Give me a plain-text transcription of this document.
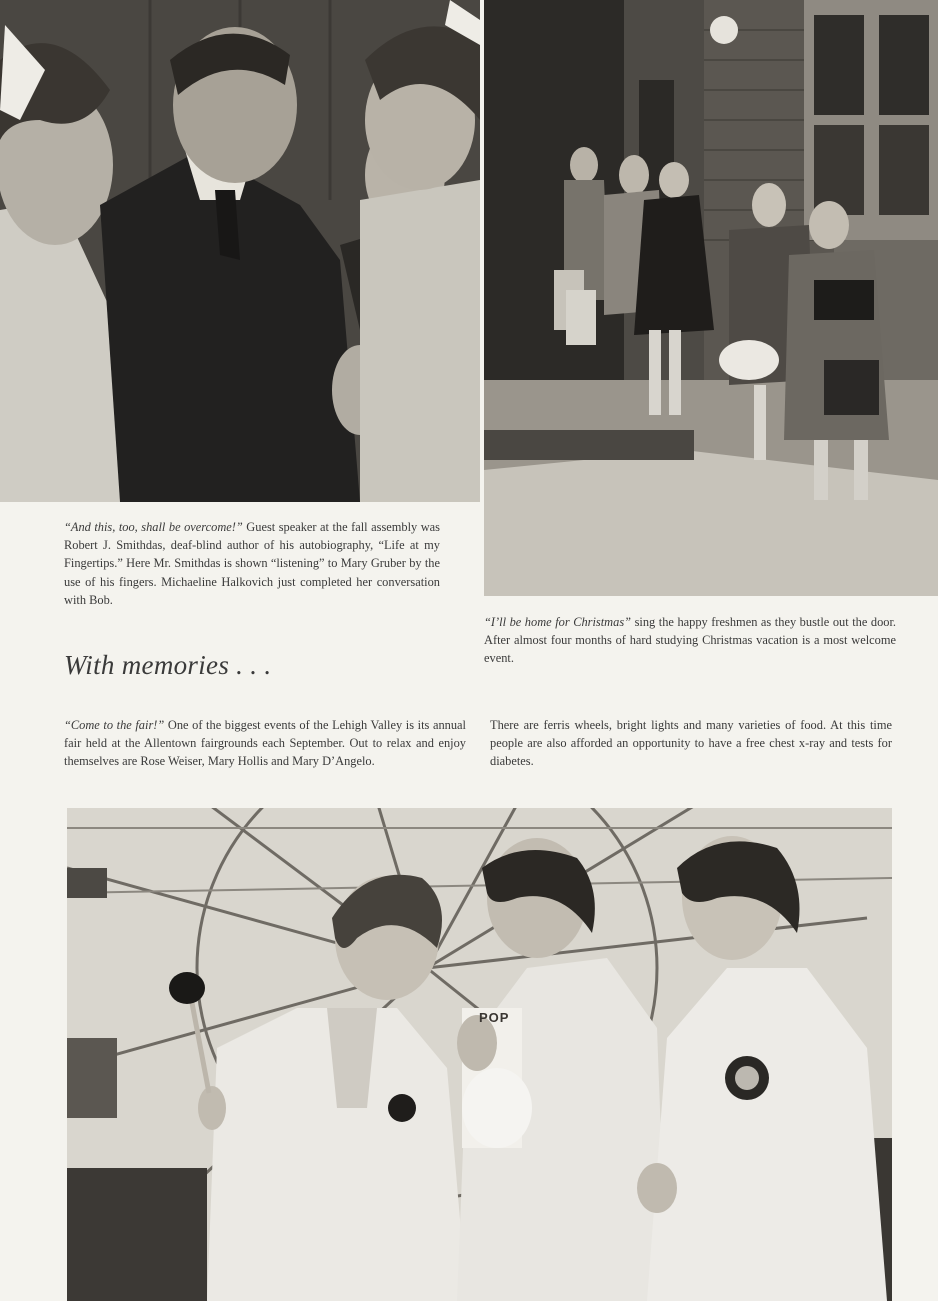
“And this, too, shall be overcome!” Guest speaker at the fall assembly was Robert J. Smithdas, deaf-blind author of his autobiography, “Life at my Fingertips.” Here Mr. Smithdas is shown “listening” to Mary Gruber by the use of his fingers. Michaeline Halkovich just completed her conversation with Bob.
“I’ll be home for Christmas” sing the happy freshmen as they bustle out the door. After almost four months of hard studying Christmas vacation is a most welcome event.
With memories . . .
“Come to the fair!” One of the biggest events of the Lehigh Valley is its annual fair held at the Allentown fairgrounds each September. Out to relax and enjoy themselves are Rose Weiser, Mary Hollis and Mary D’Angelo.
There are ferris wheels, bright lights and many varieties of food. At this time people are also afforded an opportunity to have a free chest x-ray and tests for diabetes.
POP
